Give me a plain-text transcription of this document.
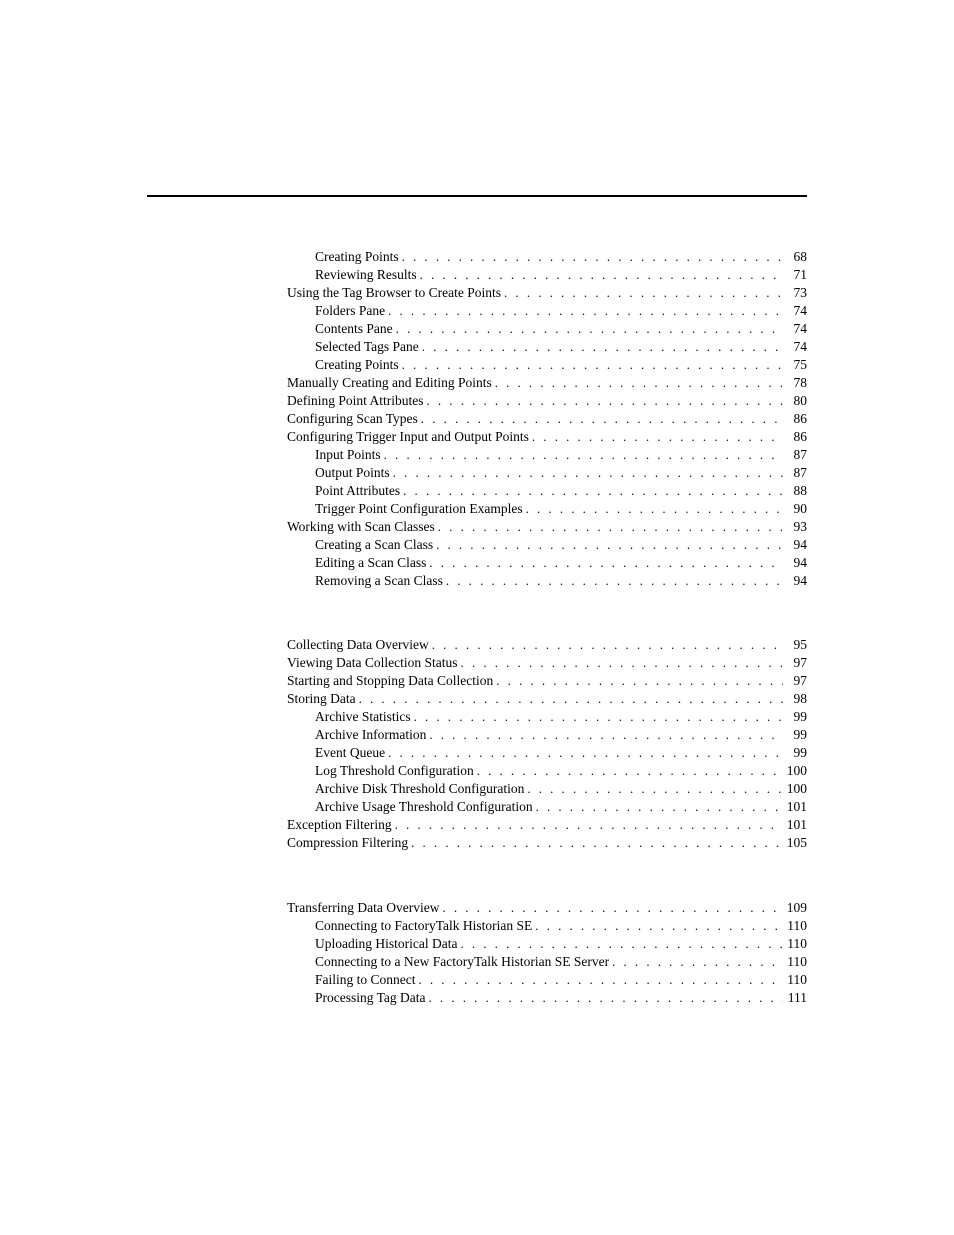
Creating Points . . .	68
Reviewing Results . . .	71
Using the Tag Browser to Create Points . . .	73
Folders Pane . . .	74
Contents Pane . . .	74
Selected Tags Pane . . .	74
Creating Points . . .	75
Manually Creating and Editing Points . . .	78
Defining Point Attributes . . .	80
Configuring Scan Types . . .	86
Configuring Trigger Input and Output Points . . .	86
Input Points . . .	87
Output Points . . .	87
Point Attributes . . .	88
Trigger Point Configuration Examples . . .	90
Working with Scan Classes . . .	93
Creating a Scan Class . . .	94
Editing a Scan Class . . .	94
Removing a Scan Class . . .	94
Collecting Data Overview . . .	95
Viewing Data Collection Status . . .	97
Starting and Stopping Data Collection . . .	97
Storing Data . . .	98
Archive Statistics . . .	99
Archive Information . . .	99
Event Queue . . .	99
Log Threshold Configuration . . .	100
Archive Disk Threshold Configuration . . .	100
Archive Usage Threshold Configuration . . .	101
Exception Filtering . . .	101
Compression Filtering . . .	105
Transferring Data Overview . . .	109
Connecting to FactoryTalk Historian SE . . .	110
Uploading Historical Data . . .	110
Connecting to a New FactoryTalk Historian SE Server . . .	110
Failing to Connect . . .	110
Processing Tag Data . . .	111
